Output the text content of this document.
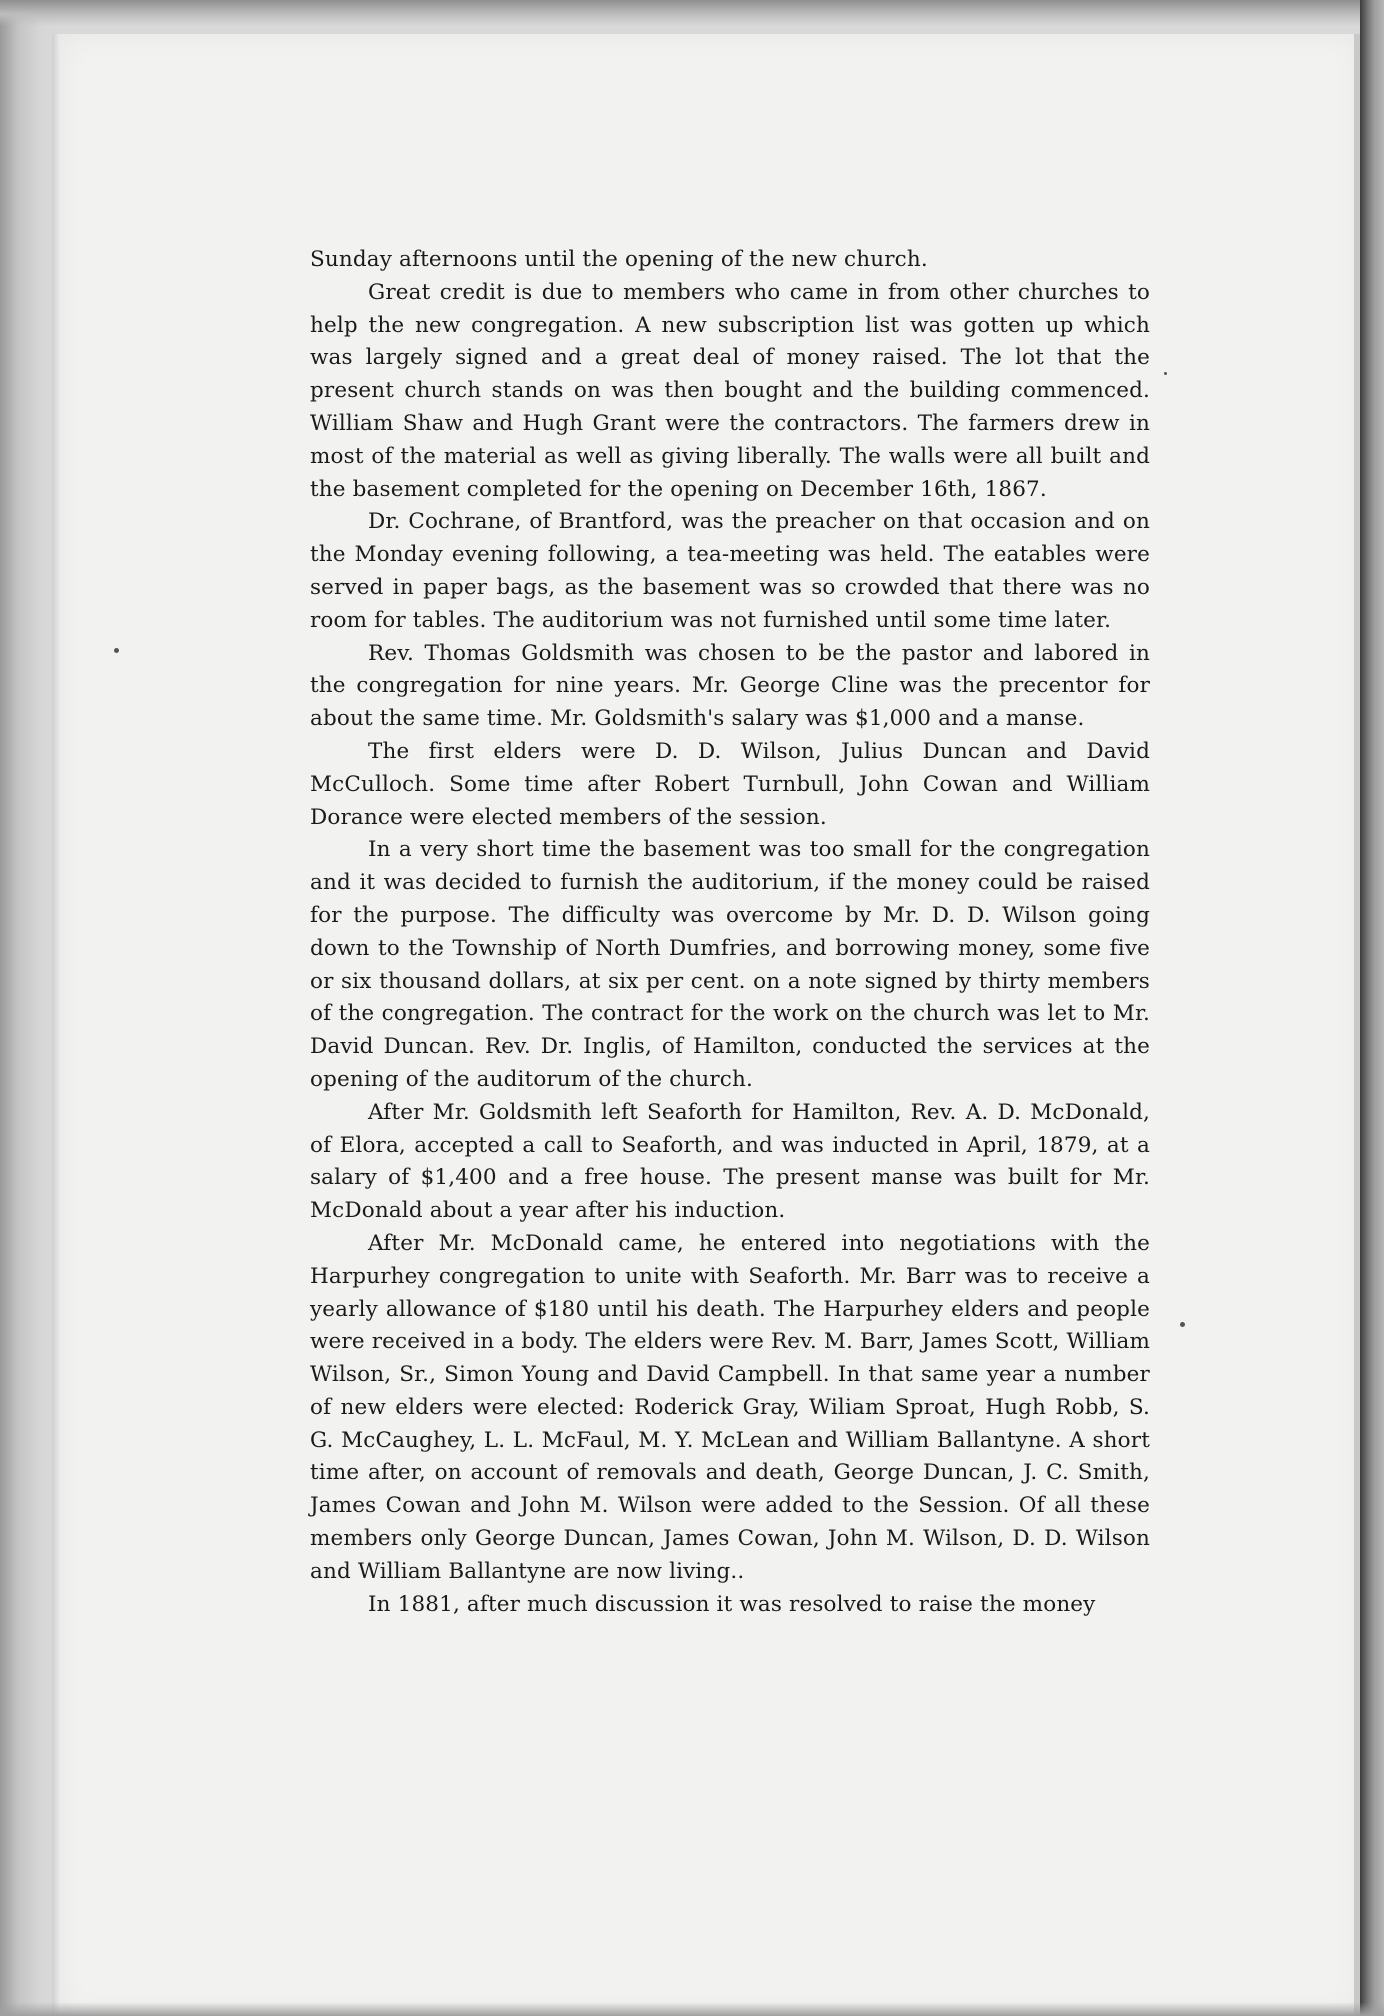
Sunday afternoons until the opening of the new church.

Great credit is due to members who came in from other churches to help the new congregation. A new subscription list was gotten up which was largely signed and a great deal of money raised. The lot that the present church stands on was then bought and the building commenced. William Shaw and Hugh Grant were the contractors. The farmers drew in most of the material as well as giving liberally. The walls were all built and the basement completed for the opening on December 16th, 1867.

Dr. Cochrane, of Brantford, was the preacher on that occasion and on the Monday evening following, a tea-meeting was held. The eatables were served in paper bags, as the basement was so crowded that there was no room for tables. The auditorium was not furnished until some time later.

Rev. Thomas Goldsmith was chosen to be the pastor and labored in the congregation for nine years. Mr. George Cline was the precentor for about the same time. Mr. Goldsmith's salary was $1,000 and a manse.

The first elders were D. D. Wilson, Julius Duncan and David McCulloch. Some time after Robert Turnbull, John Cowan and William Dorance were elected members of the session.

In a very short time the basement was too small for the congregation and it was decided to furnish the auditorium, if the money could be raised for the purpose. The difficulty was overcome by Mr. D. D. Wilson going down to the Township of North Dumfries, and borrowing money, some five or six thousand dollars, at six per cent. on a note signed by thirty members of the congregation. The contract for the work on the church was let to Mr. David Duncan. Rev. Dr. Inglis, of Hamilton, conducted the services at the opening of the auditorum of the church.

After Mr. Goldsmith left Seaforth for Hamilton, Rev. A. D. McDonald, of Elora, accepted a call to Seaforth, and was inducted in April, 1879, at a salary of $1,400 and a free house. The present manse was built for Mr. McDonald about a year after his induction.

After Mr. McDonald came, he entered into negotiations with the Harpurhey congregation to unite with Seaforth. Mr. Barr was to receive a yearly allowance of $180 until his death. The Harpurhey elders and people were received in a body. The elders were Rev. M. Barr, James Scott, William Wilson, Sr., Simon Young and David Campbell. In that same year a number of new elders were elected: Roderick Gray, Wiliam Sproat, Hugh Robb, S. G. McCaughey, L. L. McFaul, M. Y. McLean and William Ballantyne. A short time after, on account of removals and death, George Duncan, J. C. Smith, James Cowan and John M. Wilson were added to the Session. Of all these members only George Duncan, James Cowan, John M. Wilson, D. D. Wilson and William Ballantyne are now living..

In 1881, after much discussion it was resolved to raise the money
